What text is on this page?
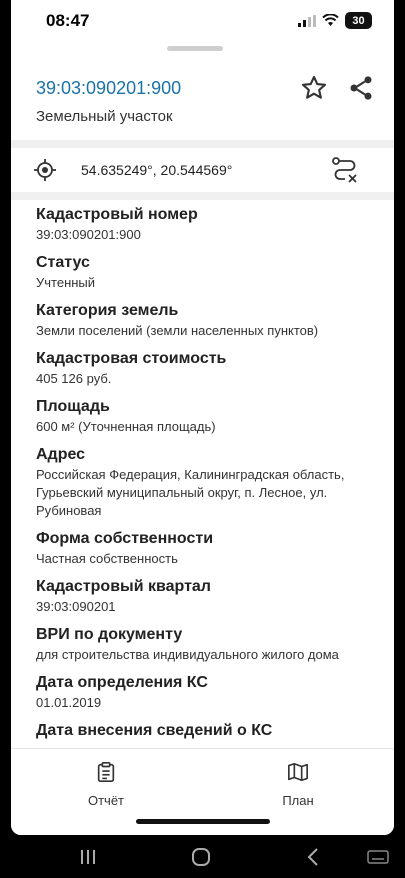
08:47	30
39:03:090201:900
Земельный участок
54.635249°, 20.544569°
Кадастровый номер
39:03:090201:900
Статус
Учтенный
Категория земель
Земли поселений (земли населенных пунктов)
Кадастровая стоимость
405 126 руб.
Площадь
600 м² (Уточненная площадь)
Адрес
Российская Федерация, Калининградская область, Гурьевский муниципальный округ, п. Лесное, ул. Рубиновая
Форма собственности
Частная собственность
Кадастровый квартал
39:03:090201
ВРИ по документу
для строительства индивидуального жилого дома
Дата определения КС
01.01.2019
Дата внесения сведений о КС
Отчёт	План
